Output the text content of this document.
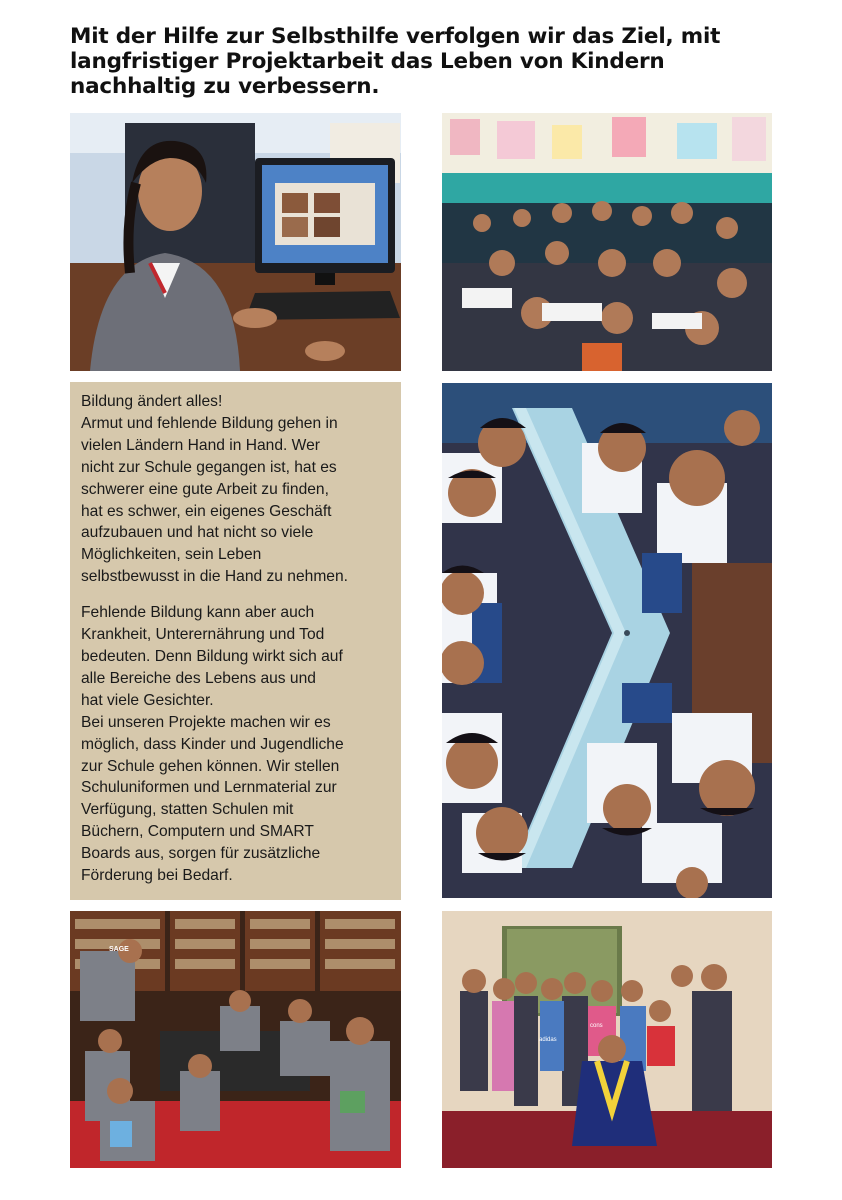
Mit der Hilfe zur Selbsthilfe verfolgen wir das Ziel, mit
langfristiger Projektarbeit das Leben von Kindern
nachhaltig zu verbessern.

Bildung ändert alles!
Armut und fehlende Bildung gehen in
vielen Ländern Hand in Hand. Wer
nicht zur Schule gegangen ist, hat es
schwerer eine gute Arbeit zu finden,
hat es schwer, ein eigenes Geschäft
aufzubauen und hat nicht so viele
Möglichkeiten, sein Leben
selbstbewusst in die Hand zu nehmen.

Fehlende Bildung kann aber auch
Krankheit, Unterernährung und Tod
bedeuten. Denn Bildung wirkt sich auf
alle Bereiche des Lebens aus und
hat viele Gesichter.
Bei unseren Projekte machen wir es
möglich, dass Kinder und Jugendliche
zur Schule gehen können. Wir stellen
Schuluniformen und Lernmaterial zur
Verfügung, statten Schulen mit
Büchern, Computern und SMART
Boards aus, sorgen für zusätzliche
Förderung bei Bedarf.

adidas
cons
SAGE
